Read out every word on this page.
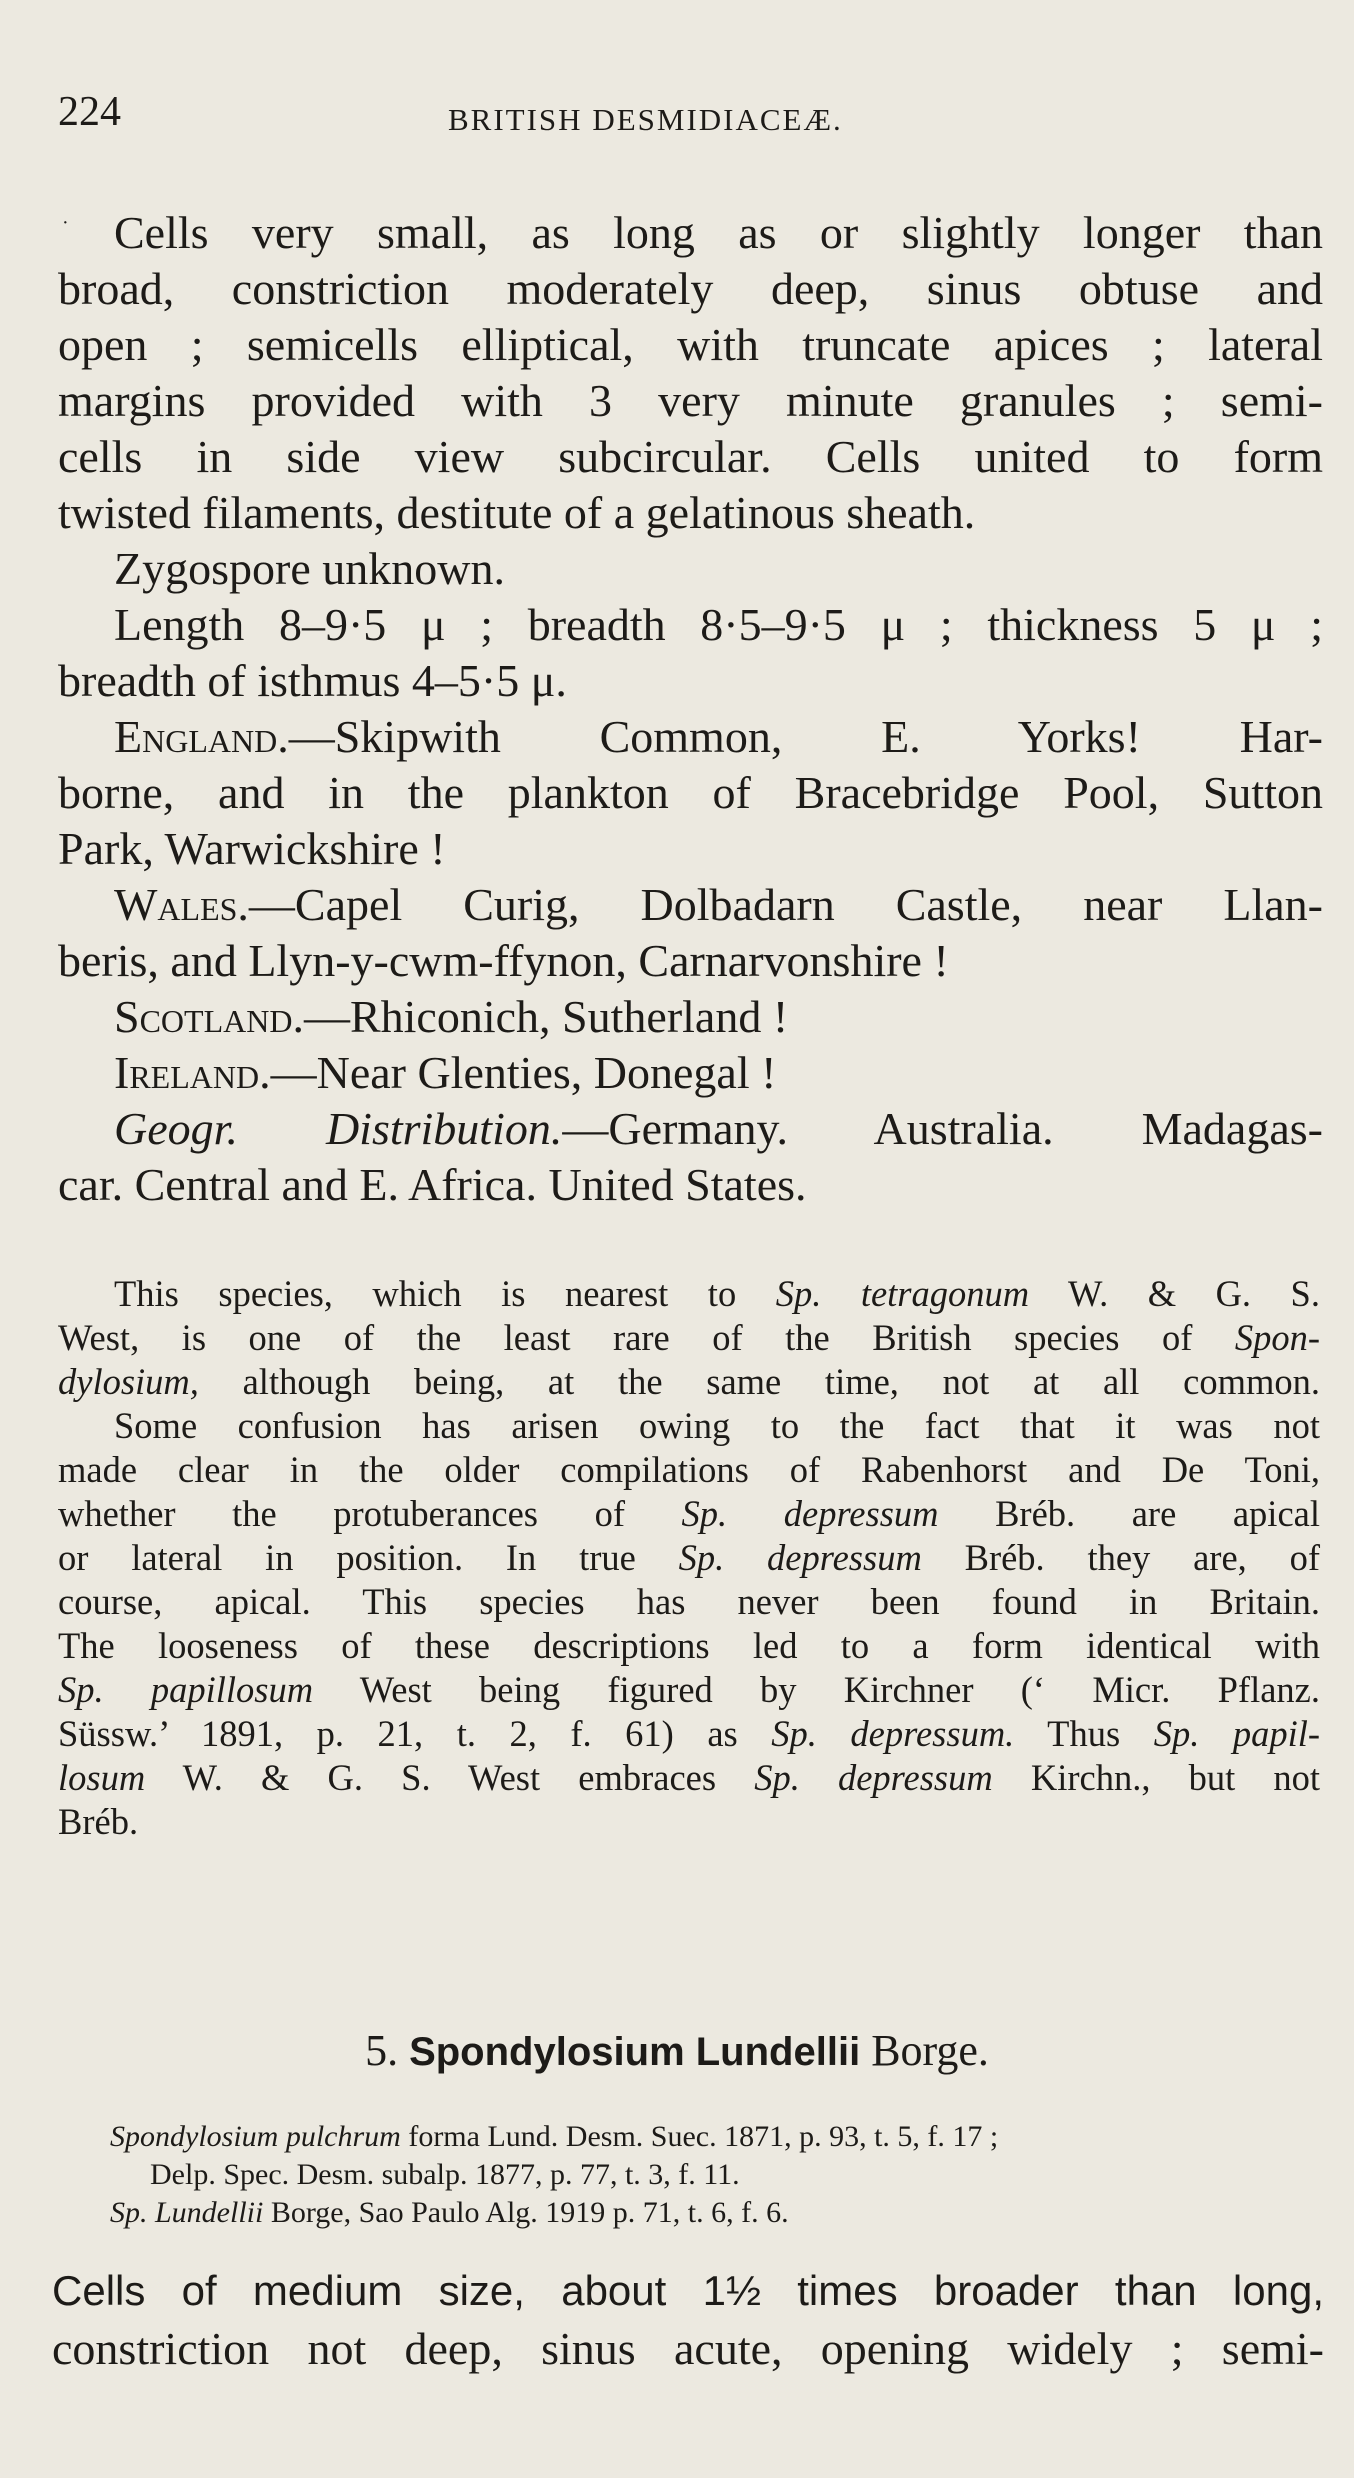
224	BRITISH DESMIDIACEÆ.
· Cells very small, as long as or slightly longer than
broad, constriction moderately deep, sinus obtuse and
open ; semicells elliptical, with truncate apices ; lateral
margins provided with 3 very minute granules ; semi-
cells in side view subcircular. Cells united to form
twisted filaments, destitute of a gelatinous sheath.
Zygospore unknown.
Length 8–9·5 μ ; breadth 8·5–9·5 μ ; thickness 5 μ ;
breadth of isthmus 4–5·5 μ.
England.—Skipwith Common, E. Yorks! Har-
borne, and in the plankton of Bracebridge Pool, Sutton
Park, Warwickshire !
Wales.—Capel Curig, Dolbadarn Castle, near Llan-
beris, and Llyn-y-cwm-ffynon, Carnarvonshire !
Scotland.—Rhiconich, Sutherland !
Ireland.—Near Glenties, Donegal !
Geogr. Distribution.—Germany. Australia. Madagas-
car. Central and E. Africa. United States.
This species, which is nearest to Sp. tetragonum W. & G. S.
West, is one of the least rare of the British species of Spon-
dylosium, although being, at the same time, not at all common.
Some confusion has arisen owing to the fact that it was not
made clear in the older compilations of Rabenhorst and De Toni,
whether the protuberances of Sp. depressum Bréb. are apical
or lateral in position. In true Sp. depressum Bréb. they are, of
course, apical. This species has never been found in Britain.
The looseness of these descriptions led to a form identical with
Sp. papillosum West being figured by Kirchner (‘ Micr. Pflanz.
Süssw.’ 1891, p. 21, t. 2, f. 61) as Sp. depressum. Thus Sp. papil-
losum W. & G. S. West embraces Sp. depressum Kirchn., but not
Bréb.
5. Spondylosium Lundellii Borge.
Spondylosium pulchrum forma Lund. Desm. Suec. 1871, p. 93, t. 5, f. 17 ;
Delp. Spec. Desm. subalp. 1877, p. 77, t. 3, f. 11.
Sp. Lundellii Borge, Sao Paulo Alg. 1919 p. 71, t. 6, f. 6.
Cells of medium size, about 1½ times broader than long,
constriction not deep, sinus acute, opening widely ; semi-
